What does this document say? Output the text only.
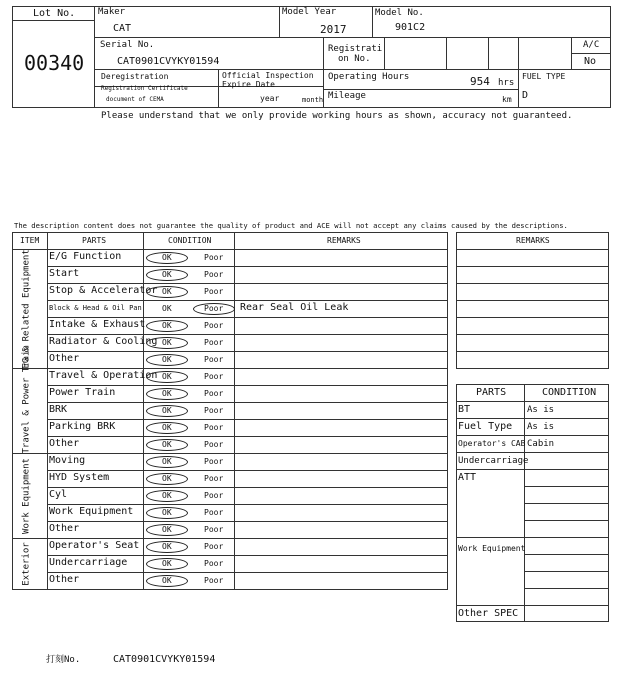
Lot No.
00340
Maker
CAT
Model Year
2017
Model No.
901C2
Serial No.
CAT0901CVYKY01594
Registrati
on No.
A/C
No
Deregistration
Registration Certificate
document of CEMA
Official Inspection
Expire Date
year	month
Operating Hours	954 hrs
Mileage	km
FUEL TYPE
D
Please understand that we only provide working hours as shown, accuracy not guaranteed.
The description content does not guarantee the quality of product and ACE will not accept any claims caused by the descriptions.
ITEM	PARTS	CONDITION	REMARKS
EG & Related Equipment	E/G Function	OK	Poor
Start	OK	Poor
Stop & Accelerator OK	Poor
Block & Head & Oil Pan	OK	Poor Rear Seal Oil Leak
Intake & Exhaust OK	Poor
Radiator & Cooling OK	Poor
Other	OK	Poor
Travel & Power Train	Travel & Operation OK	Poor
Power Train	OK	Poor
BRK	OK	Poor
Parking BRK	OK	Poor
Other	OK	Poor
Work Equipment	Moving	OK	Poor
HYD System	OK	Poor
Cyl	OK	Poor
Work Equipment	OK	Poor
Other	OK	Poor
Exterior	Operator's Seat	OK	Poor
Undercarriage	OK	Poor
Other	OK	Poor
REMARKS
PARTS	CONDITION
BT	As is
Fuel Type As is
Operator's CAB Cabin
Undercarriage
ATT
Work Equipment
Other SPEC
打刻No.	CAT0901CVYKY01594
